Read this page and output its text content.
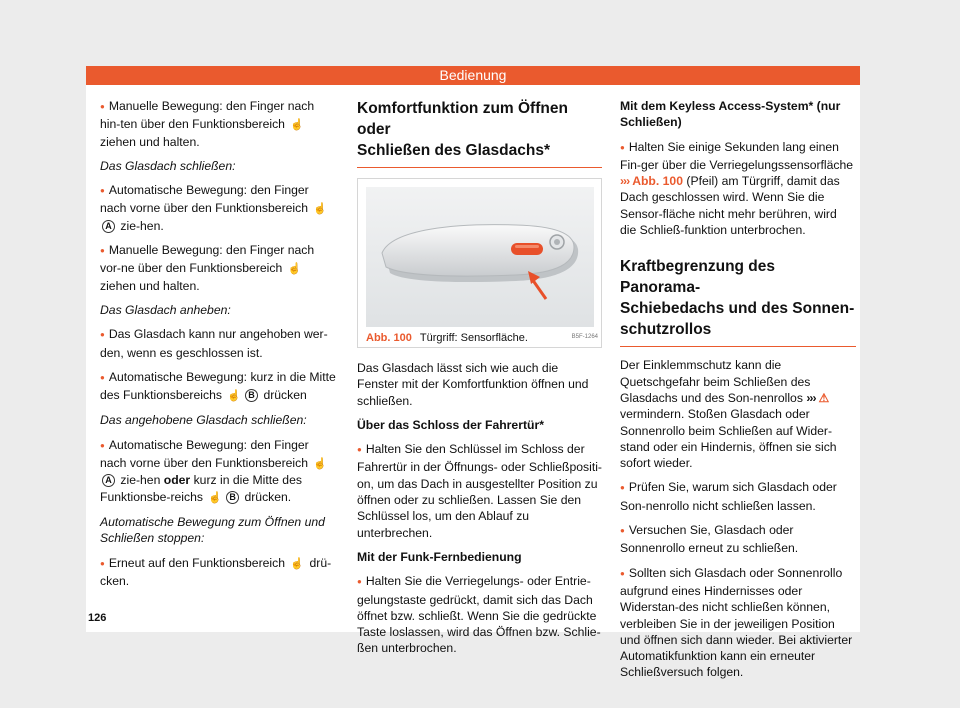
Bedienung

● Manuelle Bewegung: den Finger nach hin-ten über den Funktionsbereich ☝ ziehen und halten.

Das Glasdach schließen:

● Automatische Bewegung: den Finger nach vorne über den Funktionsbereich ☝A zie-hen.

● Manuelle Bewegung: den Finger nach vor-ne über den Funktionsbereich ☝ ziehen und halten.

Das Glasdach anheben:

● Das Glasdach kann nur angehoben wer-den, wenn es geschlossen ist.

● Automatische Bewegung: kurz in die Mitte des Funktionsbereichs ☝ B drücken

Das angehobene Glasdach schließen:

● Automatische Bewegung: den Finger nach vorne über den Funktionsbereich ☝A zie-hen oder kurz in die Mitte des Funktionsbe-reichs ☝ B drücken.

Automatische Bewegung zum Öffnen und Schließen stoppen:

● Erneut auf den Funktionsbereich ☝ drü-cken.

Komfortfunktion zum Öffnen oder
Schließen des Glasdachs*
B5F-1264
Abb. 100 Türgriff: Sensorfläche.

Das Glasdach lässt sich wie auch die Fenster mit der Komfortfunktion öffnen und schließen.

Über das Schloss der Fahrertür*

● Halten Sie den Schlüssel im Schloss der Fahrertür in der Öffnungs- oder Schließpositi-on, um das Dach in ausgestellter Position zu öffnen oder zu schließen. Lassen Sie den Schlüssel los, um den Ablauf zu unterbrechen.

Mit der Funk-Fernbedienung

● Halten Sie die Verriegelungs- oder Entrie-gelungstaste gedrückt, damit sich das Dach öffnet bzw. schließt. Wenn Sie die gedrückte Taste loslassen, wird das Öffnen bzw. Schlie-ßen unterbrochen.

Mit dem Keyless Access-System* (nur Schließen)

● Halten Sie einige Sekunden lang einen Fin-ger über die Verriegelungssensorfläche ››› Abb. 100 (Pfeil) am Türgriff, damit das Dach geschlossen wird. Wenn Sie die Sensor-fläche nicht mehr berühren, wird die Schließ-funktion unterbrochen.

Kraftbegrenzung des Panorama-
Schiebedachs und des Sonnen-
schutzrollos

Der Einklemmschutz kann die Quetschgefahr beim Schließen des Glasdachs und des Son-nenrollos ››› ⚠ vermindern. Stoßen Glasdach oder Sonnenrollo beim Schließen auf Wider-stand oder ein Hindernis, öffnen sie sich sofort wieder.

● Prüfen Sie, warum sich Glasdach oder Son-nenrollo nicht schließen lassen.

● Versuchen Sie, Glasdach oder Sonnenrollo erneut zu schließen.

● Sollten sich Glasdach oder Sonnenrollo aufgrund eines Hindernisses oder Widerstan-des nicht schließen können, verbleiben Sie in der jeweiligen Position und öffnen sich dann wieder. Bei aktivierter Automatikfunktion kann ein erneuter Schließversuch folgen.

126
